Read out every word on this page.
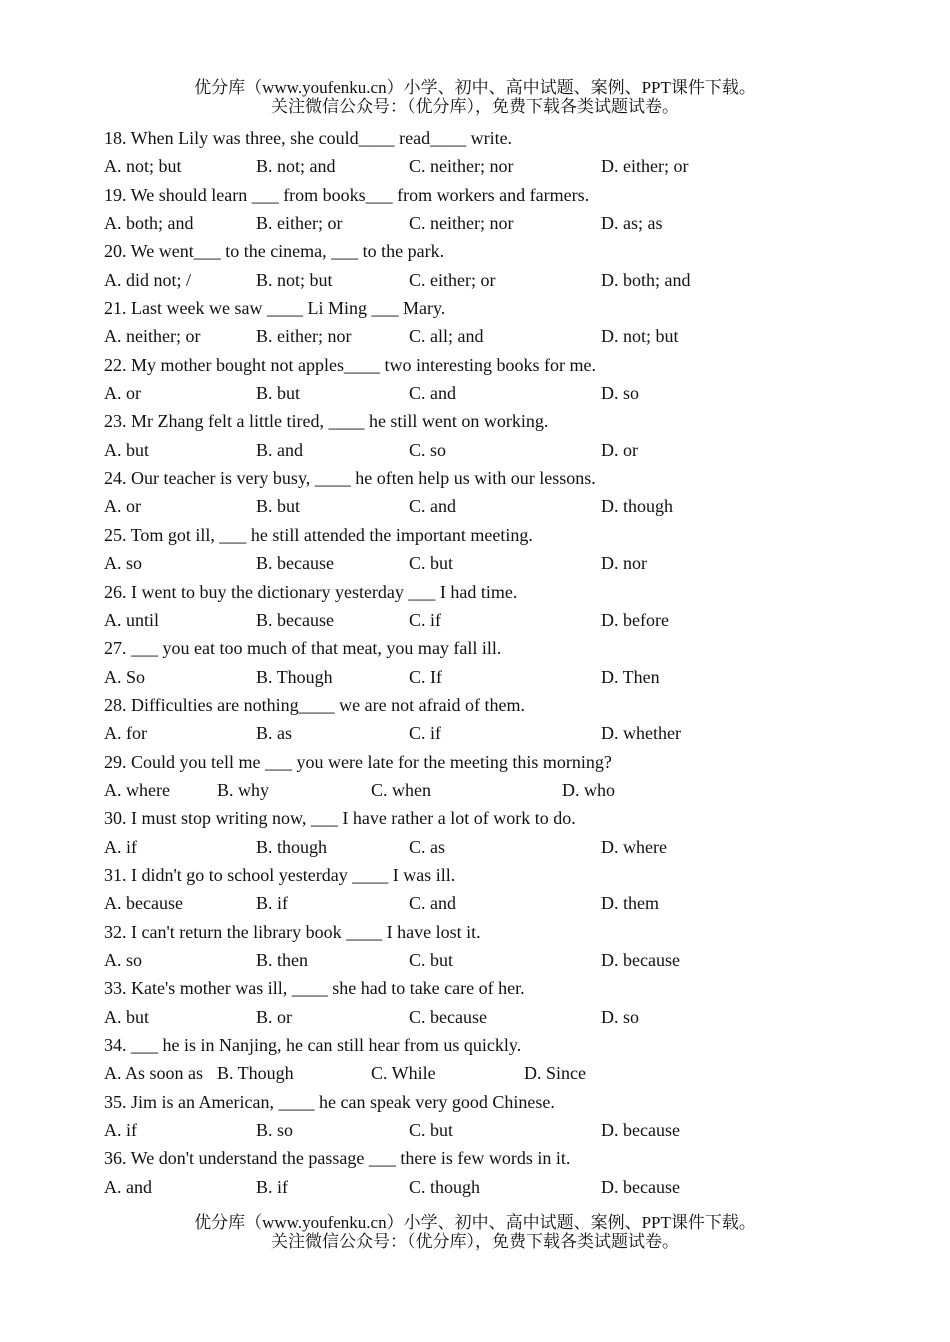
优分库（www.youfenku.cn）小学、初中、高中试题、案例、PPT课件下载。
关注微信公众号：（优分库），免费下载各类试题试卷。
18. When Lily was three, she could____ read____ write.
A. not; but	B. not; and	C. neither; nor	D. either; or
19. We should learn ___ from books___ from workers and farmers.
A. both; and	B. either; or	C. neither; nor	D. as; as
20. We went___ to the cinema, ___ to the park.
A. did not; /	B. not; but	C. either; or	D. both; and
21. Last week we saw ____ Li Ming ___ Mary.
A. neither; or	B. either; nor	C. all; and	D. not; but
22. My mother bought not apples____ two interesting books for me.
A. or	B. but	C. and	D. so
23. Mr Zhang felt a little tired, ____ he still went on working.
A. but	B. and	C. so	D. or
24. Our teacher is very busy, ____ he often help us with our lessons.
A. or	B. but	C. and	D. though
25. Tom got ill, ___ he still attended the important meeting.
A. so	B. because	C. but	D. nor
26. I went to buy the dictionary yesterday ___ I had time.
A. until	B. because	C. if	D. before
27. ___ you eat too much of that meat, you may fall ill.
A. So	B. Though	C. If	D. Then
28. Difficulties are nothing____ we are not afraid of them.
A. for	B. as	C. if	D. whether
29. Could you tell me ___ you were late for the meeting this morning?
A. where	B. why	C. when	D. who
30. I must stop writing now, ___ I have rather a lot of work to do.
A. if	B. though	C. as	D. where
31. I didn't go to school yesterday ____ I was ill.
A. because	B. if	C. and	D. them
32. I can't return the library book ____ I have lost it.
A. so	B. then	C. but	D. because
33. Kate's mother was ill, ____ she had to take care of her.
A. but	B. or	C. because	D. so
34. ___ he is in Nanjing, he can still hear from us quickly.
A. As soon as B. Though	C. While	D. Since
35. Jim is an American, ____ he can speak very good Chinese.
A. if	B. so	C. but	D. because
36. We don't understand the passage ___ there is few words in it.
A. and	B. if	C. though	D. because
优分库（www.youfenku.cn）小学、初中、高中试题、案例、PPT课件下载。
关注微信公众号：（优分库），免费下载各类试题试卷。
